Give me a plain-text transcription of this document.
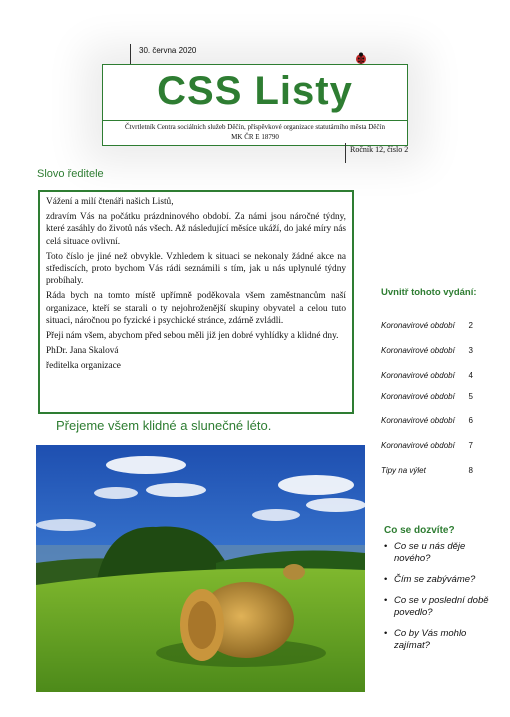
30. června 2020
CSS Listy
Čtvrtletník Centra sociálních služeb Děčín, příspěvkové organizace statutárního města Děčín
MK ČR E 18790
Ročník 12, číslo 2
Slovo ředitele

Vážení a milí čtenáři našich Listů,

zdravím Vás na počátku prázdninového období. Za námi jsou náročné týdny, které zasáhly do životů nás všech. Až následující měsíce ukáží, do jaké míry nás celá situace ovlivní.

Toto číslo je jiné než obvykle. Vzhledem k situaci se nekonaly žádné akce na střediscích, proto bychom Vás rádi seznámili s tím, jak u nás uplynulé týdny probíhaly.

Ráda bych na tomto místě upřímně poděkovala všem zaměstnancům naší organizace, kteří se starali o ty nejohroženější skupiny obyvatel a celou tuto situaci, náročnou po fyzické i psychické stránce, zdárně zvládli.

Přeji nám všem, abychom před sebou měli již jen dobré vyhlídky a klidné dny.

PhDr. Jana Skalová

ředitelka organizace

Přejeme všem klidné a slunečné léto.
Uvnitř tohoto vydání:
Koronavirové období 2
Koronavirové období 3
Koronavirové období 4
Koronavirové období 5
Koronavirové období 6
Koronavirové období 7
Tipy na výlet	8
Co se dozvíte?
• Co se u nás děje nového?
• Čím se zabýváme?
• Co se v poslední době povedlo?
• Co by Vás mohlo zajímat?
